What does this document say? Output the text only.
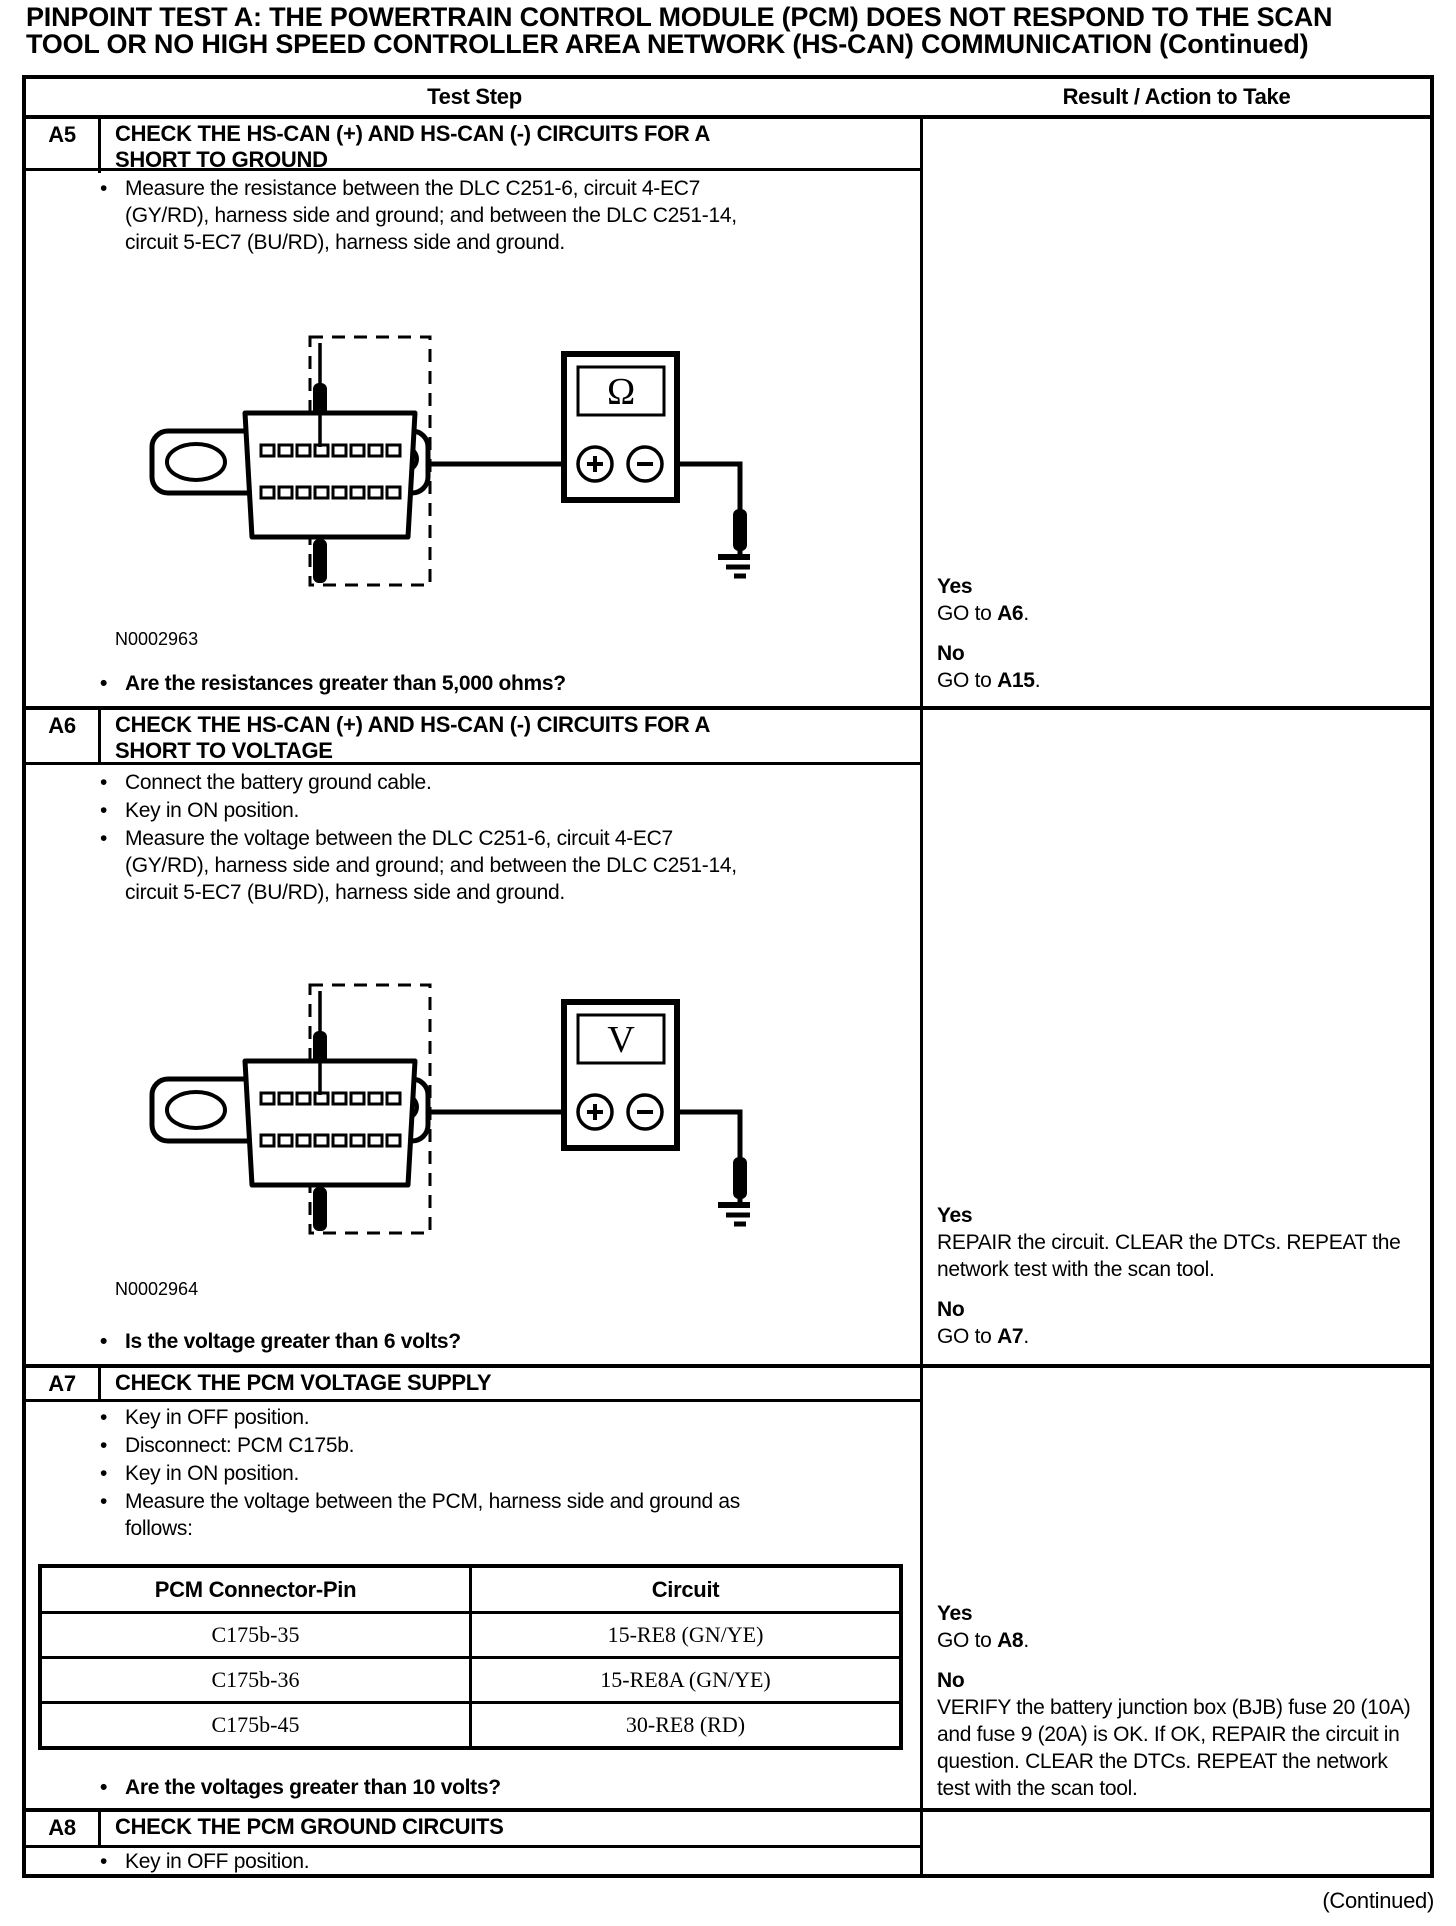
PINPOINT TEST A: THE POWERTRAIN CONTROL MODULE (PCM) DOES NOT RESPOND TO THE SCAN
TOOL OR NO HIGH SPEED CONTROLLER AREA NETWORK (HS-CAN) COMMUNICATION (Continued)
Test Step	Result / Action to Take
A5	CHECK THE HS-CAN (+) AND HS-CAN (-) CIRCUITS FOR A SHORT TO GROUND
• Measure the resistance between the DLC C251-6, circuit 4-EC7 (GY/RD), harness side and ground; and between the DLC C251-14, circuit 5-EC7 (BU/RD), harness side and ground.
Ω
N0002963
• Are the resistances greater than 5,000 ohms?
Yes
GO to A6.
No
GO to A15.
A6	CHECK THE HS-CAN (+) AND HS-CAN (-) CIRCUITS FOR A SHORT TO VOLTAGE
• Connect the battery ground cable.
• Key in ON position.
• Measure the voltage between the DLC C251-6, circuit 4-EC7 (GY/RD), harness side and ground; and between the DLC C251-14, circuit 5-EC7 (BU/RD), harness side and ground.
V
N0002964
• Is the voltage greater than 6 volts?
Yes
REPAIR the circuit. CLEAR the DTCs. REPEAT the network test with the scan tool.
No
GO to A7.
A7	CHECK THE PCM VOLTAGE SUPPLY
• Key in OFF position.
• Disconnect: PCM C175b.
• Key in ON position.
• Measure the voltage between the PCM, harness side and ground as follows:
PCM Connector-Pin	Circuit
C175b-35	15-RE8 (GN/YE)
C175b-36	15-RE8A (GN/YE)
C175b-45	30-RE8 (RD)
• Are the voltages greater than 10 volts?
Yes
GO to A8.
No
VERIFY the battery junction box (BJB) fuse 20 (10A) and fuse 9 (20A) is OK. If OK, REPAIR the circuit in question. CLEAR the DTCs. REPEAT the network test with the scan tool.
A8	CHECK THE PCM GROUND CIRCUITS
• Key in OFF position.
(Continued)
